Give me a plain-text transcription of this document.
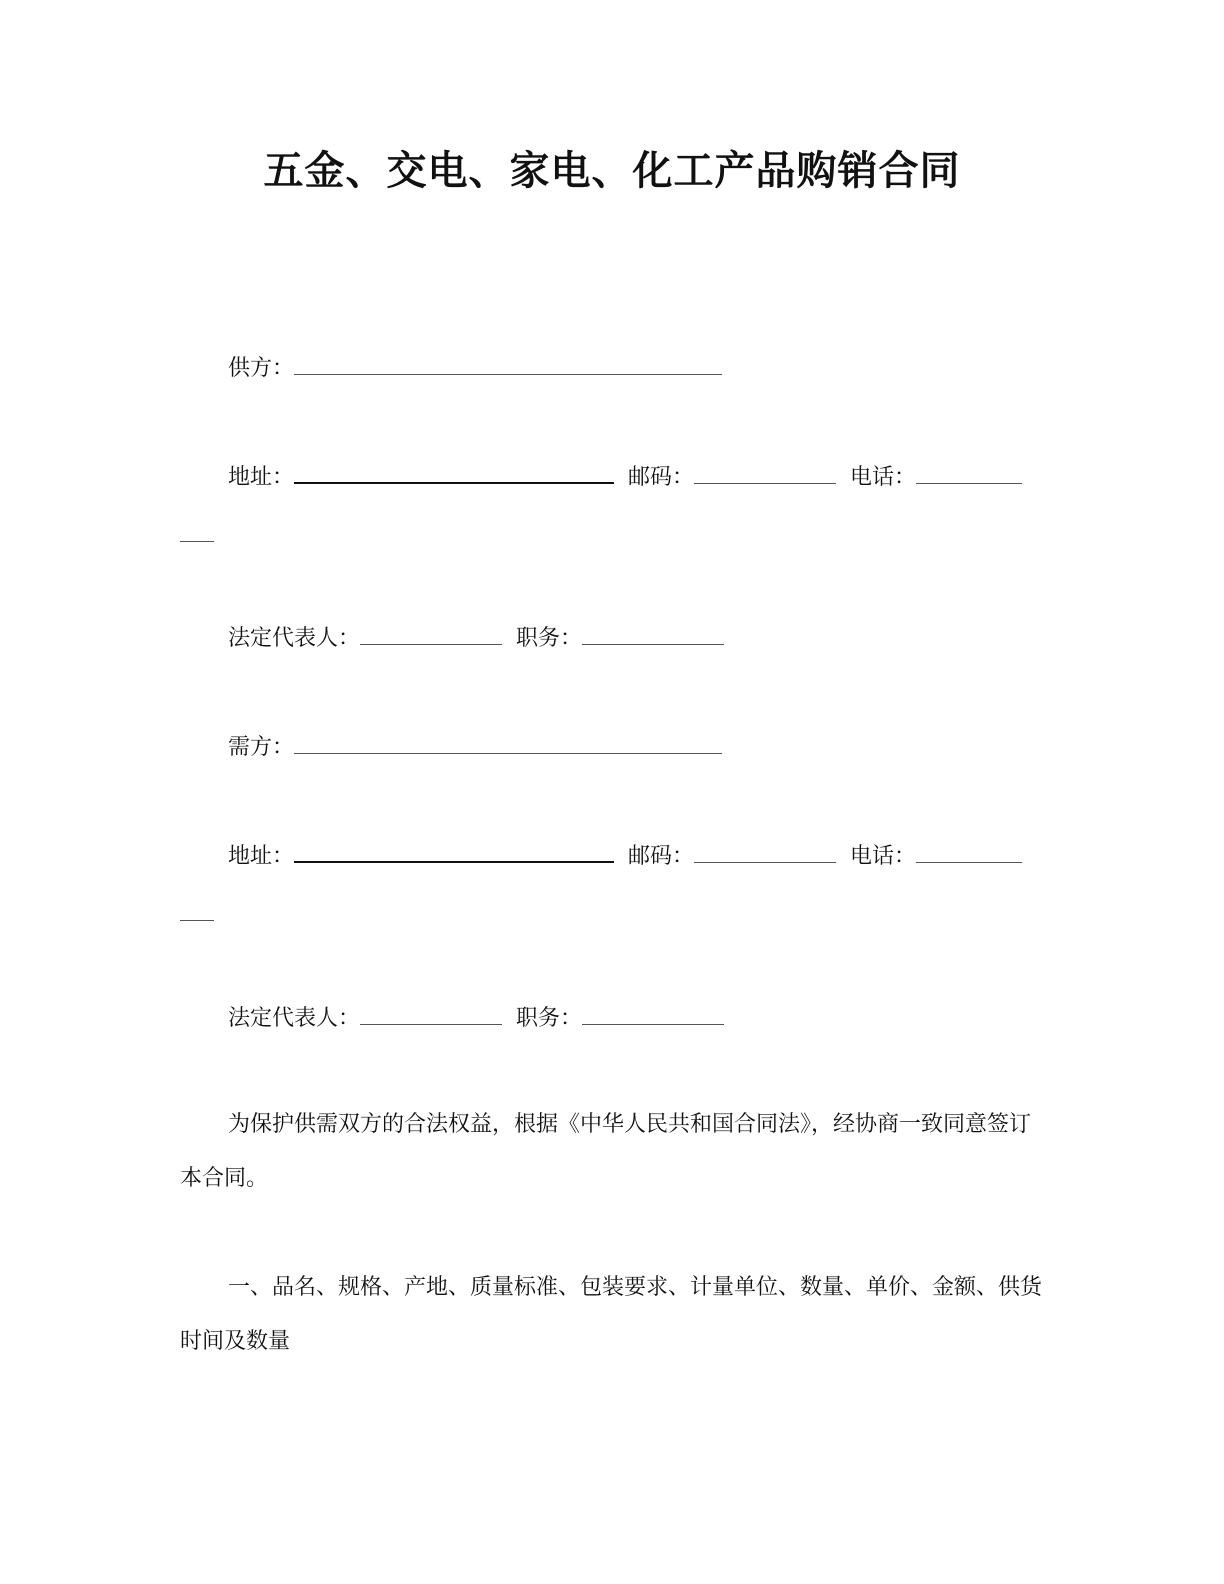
五金、交电、家电、化工产品购销合同
供方：
地址：	邮码：	电话：
法定代表人：	职务：
需方：
地址：	邮码：	电话：
法定代表人：	职务：

为保护供需双方的合法权益，根据《中华人民共和国合同法》，经协商一致同意签订本合同。

一、品名、规格、产地、质量标准、包装要求、计量单位、数量、单价、金额、供货时间及数量
